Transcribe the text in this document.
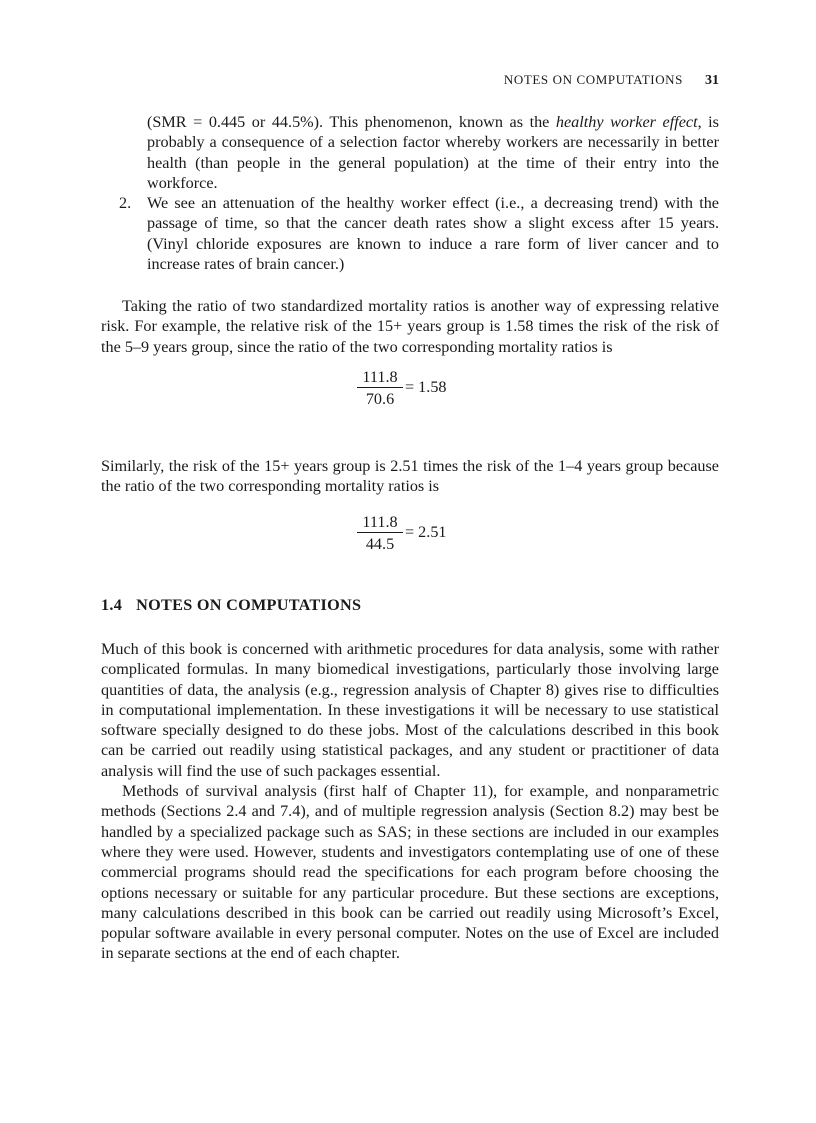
NOTES ON COMPUTATIONS 31

(SMR = 0.445 or 44.5%). This phenomenon, known as the healthy worker effect, is probably a consequence of a selection factor whereby workers are necessarily in better health (than people in the general population) at the time of their entry into the workforce.

2. We see an attenuation of the healthy worker effect (i.e., a decreasing trend) with the passage of time, so that the cancer death rates show a slight excess after 15 years. (Vinyl chloride exposures are known to induce a rare form of liver cancer and to increase rates of brain cancer.)

Taking the ratio of two standardized mortality ratios is another way of expressing relative risk. For example, the relative risk of the 15+ years group is 1.58 times the risk of the risk of the 5–9 years group, since the ratio of the two corresponding mortality ratios is

111.8
70.6
= 1.58

Similarly, the risk of the 15+ years group is 2.51 times the risk of the 1–4 years group because the ratio of the two corresponding mortality ratios is

111.8
44.5
= 2.51
1.4 NOTES ON COMPUTATIONS

Much of this book is concerned with arithmetic procedures for data analysis, some with rather complicated formulas. In many biomedical investigations, particularly those involving large quantities of data, the analysis (e.g., regression analysis of Chapter 8) gives rise to difficulties in computational implementation. In these investigations it will be necessary to use statistical software specially designed to do these jobs. Most of the calculations described in this book can be carried out readily using statistical packages, and any student or practitioner of data analysis will find the use of such packages essential.

Methods of survival analysis (first half of Chapter 11), for example, and nonparametric methods (Sections 2.4 and 7.4), and of multiple regression analysis (Section 8.2) may best be handled by a specialized package such as SAS; in these sections are included in our examples where they were used. However, students and investigators contemplating use of one of these commercial programs should read the specifications for each program before choosing the options necessary or suitable for any particular procedure. But these sections are exceptions, many calculations described in this book can be carried out readily using Microsoft’s Excel, popular software available in every personal computer. Notes on the use of Excel are included in separate sections at the end of each chapter.
